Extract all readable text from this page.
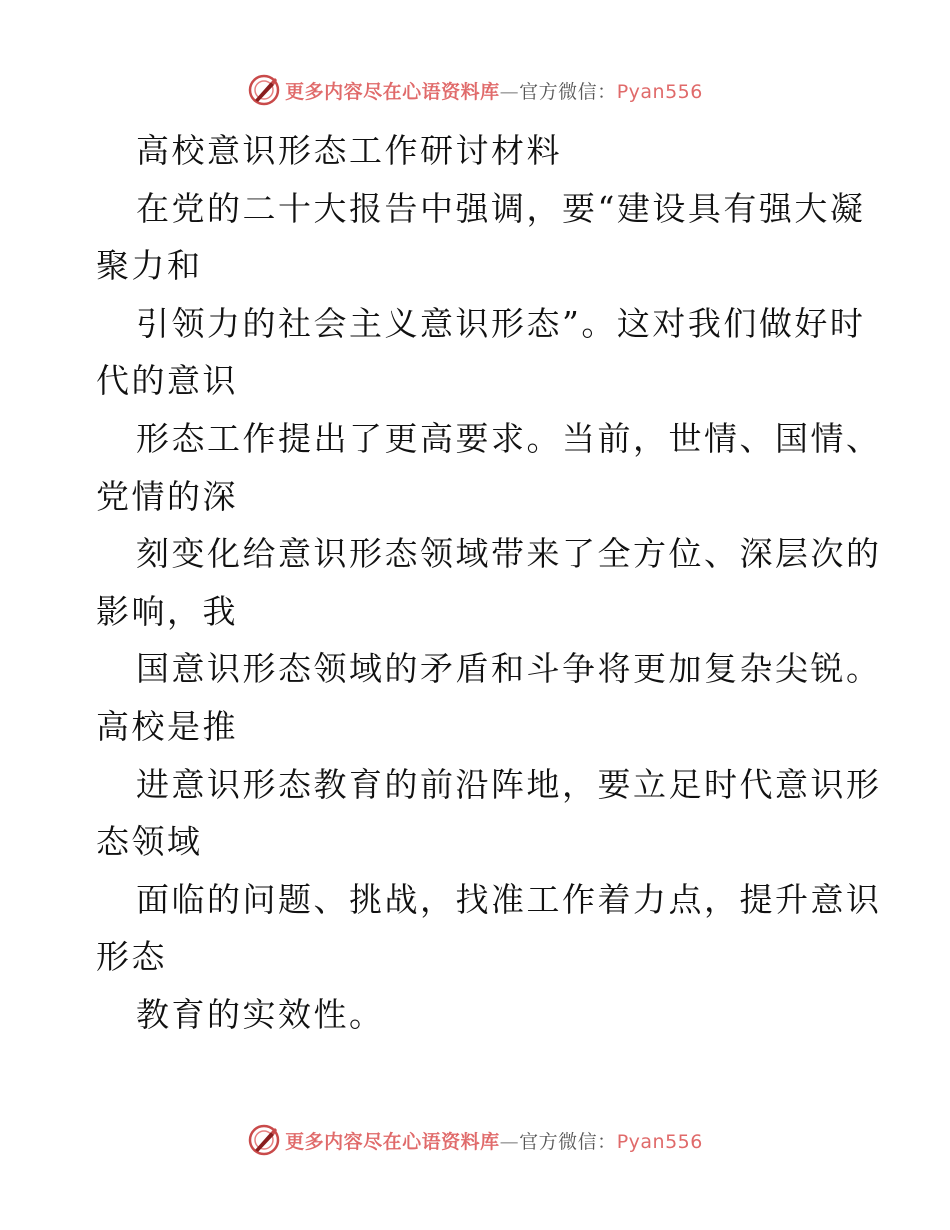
更多内容尽在心语资料库—官方微信：Pyan556
高校意识形态工作研讨材料
在党的二十大报告中强调，要“建设具有强大凝
聚力和
引领力的社会主义意识形态”。这对我们做好时
代的意识
形态工作提出了更高要求。当前，世情、国情、
党情的深
刻变化给意识形态领域带来了全方位、深层次的
影响，我
国意识形态领域的矛盾和斗争将更加复杂尖锐。
高校是推
进意识形态教育的前沿阵地，要立足时代意识形
态领域
面临的问题、挑战，找准工作着力点，提升意识
形态
教育的实效性。
更多内容尽在心语资料库—官方微信：Pyan556
